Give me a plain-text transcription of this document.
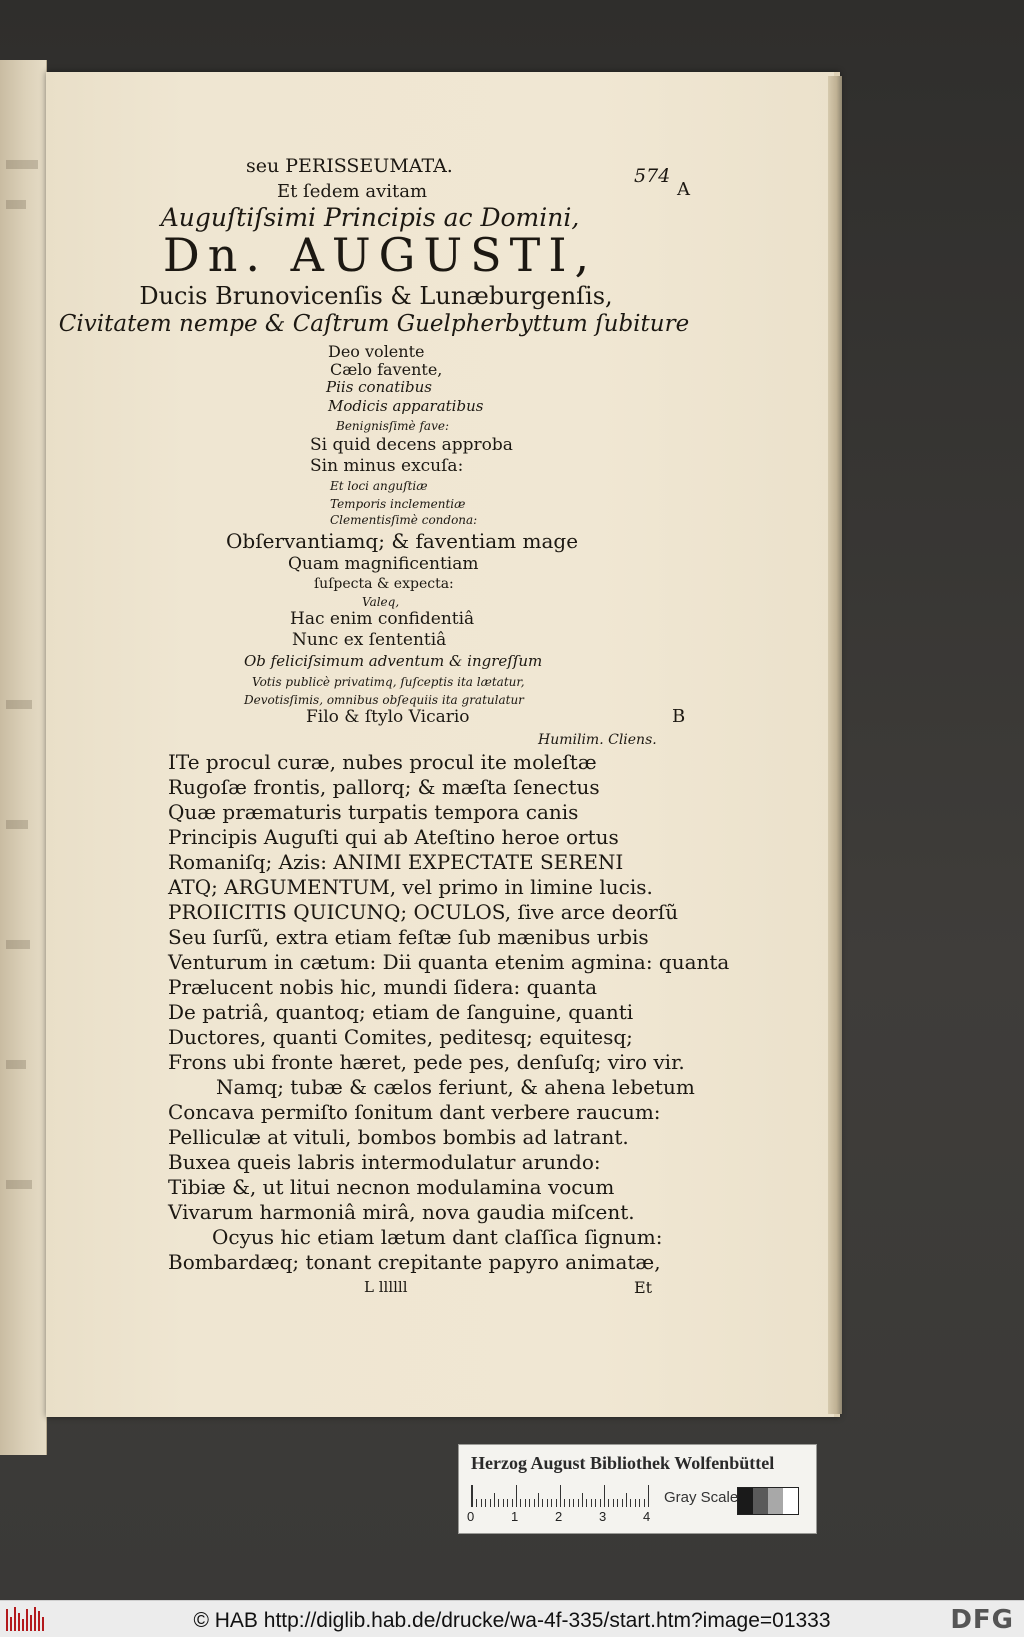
seu PERISSEUMATA.	574
A
B
Et ſedem avitam
Auguſtiſsimi Principis ac Domini,
Dn. AUGUSTI,
Ducis Brunovicenſis & Lunæburgenſis,
Civitatem nempe & Caſtrum Guelpherbyttum ſubiture
Deo volente
Cælo favente,
Piis conatibus
Modicis apparatibus
Benignisſimè fave:
Si quid decens approba
Sin minus excuſa:
Et loci anguſtiæ
Temporis inclementiæ
Clementisſimè condona:
Obſervantiamq; & faventiam mage
Quam magnificentiam
ſuſpecta & expecta:
Valeq,
Hac enim confidentiâ
Nunc ex ſententiâ
Ob feliciſsimum adventum & ingreſſum
Votis publicè privatimq, ſuſceptis ita lætatur,
Devotisſimis, omnibus obſequiis ita gratulatur
Filo & ſtylo Vicario
Humilim. Cliens.
ITe procul curæ, nubes procul ite moleſtæ
Rugoſæ frontis, pallorq; & mæſta ſenectus
Quæ præmaturis turpatis tempora canis
Principis Auguſti qui ab Ateſtino heroe ortus
Romaniſq; Azis: ANIMI EXPECTATE SERENI
ATQ; ARGUMENTUM, vel primo in limine lucis.
PROIICITIS QUICUNQ; OCULOS, ſive arce deorſũ
Seu ſurſũ, extra etiam feſtæ ſub mænibus urbis
Venturum in cætum: Dii quanta etenim agmina: quanta
Prælucent nobis hic, mundi ſidera: quanta
De patriâ, quantoq; etiam de ſanguine, quanti
Ductores, quanti Comites, peditesq; equitesq;
Frons ubi fronte hæret, pede pes, denſuſq; viro vir.
Namq; tubæ & cælos feriunt, & ahena lebetum
Concava permiſto ſonitum dant verbere raucum:
Pelliculæ at vituli, bombos bombis ad latrant.
Buxea queis labris intermodulatur arundo:
Tibiæ &, ut litui necnon modulamina vocum
Vivarum harmoniâ mirâ, nova gaudia miſcent.
Ocyus hic etiam lætum dant claſſica ſignum:
Bombardæq; tonant crepitante papyro animatæ,
L llllll	Et
Herzog August Bibliothek Wolfenbüttel
0	1	2	3	4
Gray Scale
© HAB http://diglib.hab.de/drucke/wa-4f-335/start.htm?image=01333	DFG
